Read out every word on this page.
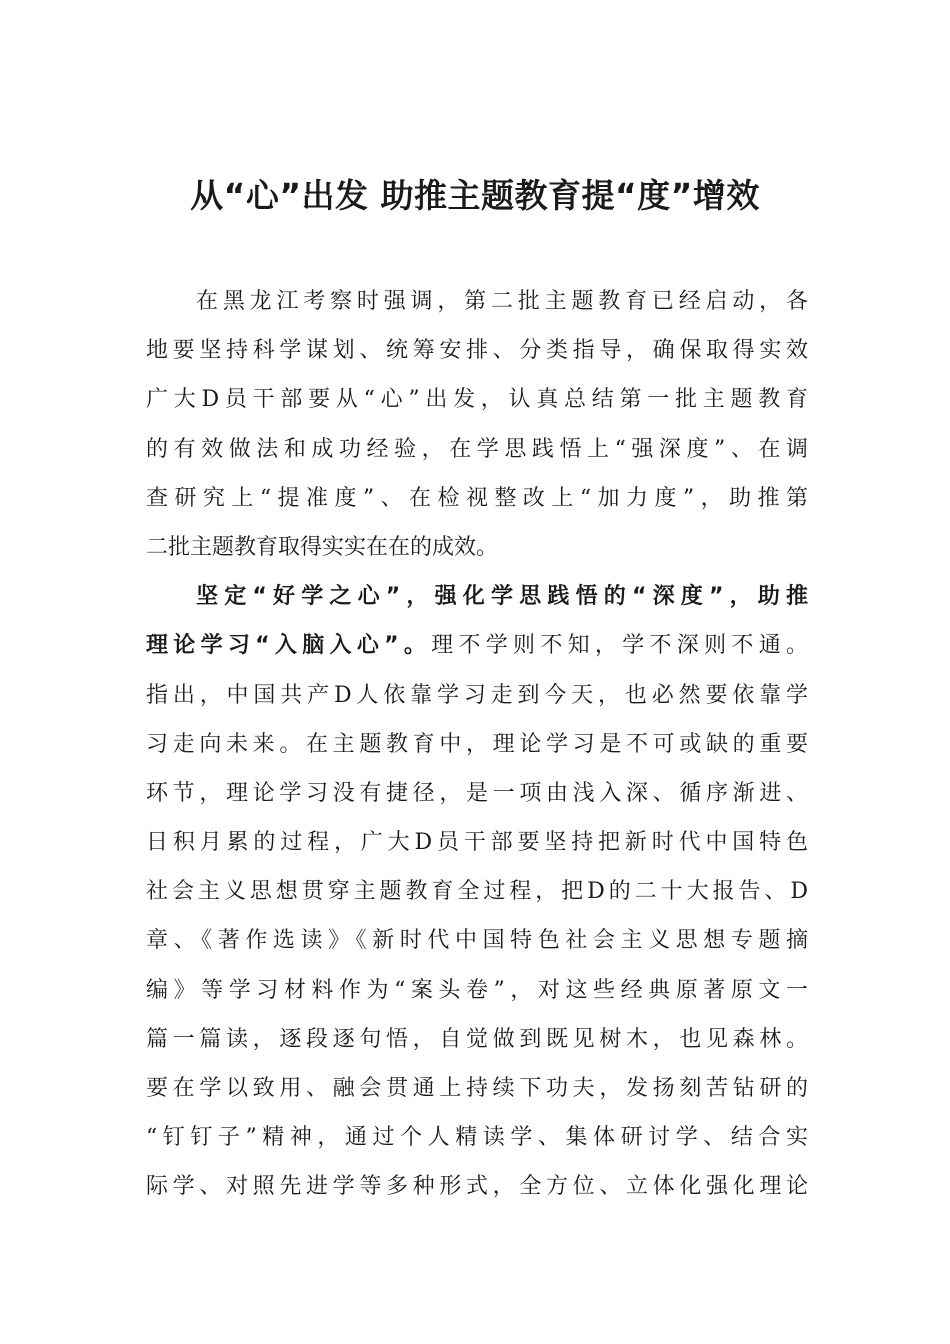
从“心”出发 助推主题教育提“度”增效
在黑龙江考察时强调，第二批主题教育已经启动，各
地要坚持科学谋划、统筹安排、分类指导，确保取得实效
广大D员干部要从“心”出发，认真总结第一批主题教育
的有效做法和成功经验，在学思践悟上“强深度”、在调
查研究上“提准度”、在检视整改上“加力度”，助推第
二批主题教育取得实实在在的成效。
坚定“好学之心”，强化学思践悟的“深度”，助推
理论学习“入脑入心”。理不学则不知，学不深则不通。
指出，中国共产D人依靠学习走到今天，也必然要依靠学
习走向未来。在主题教育中，理论学习是不可或缺的重要
环节，理论学习没有捷径，是一项由浅入深、循序渐进、
日积月累的过程，广大D员干部要坚持把新时代中国特色
社会主义思想贯穿主题教育全过程，把D的二十大报告、D
章、《著作选读》《新时代中国特色社会主义思想专题摘
编》等学习材料作为“案头卷”，对这些经典原著原文一
篇一篇读，逐段逐句悟，自觉做到既见树木，也见森林。
要在学以致用、融会贯通上持续下功夫，发扬刻苦钻研的
“钉钉子”精神，通过个人精读学、集体研讨学、结合实
际学、对照先进学等多种形式，全方位、立体化强化理论
